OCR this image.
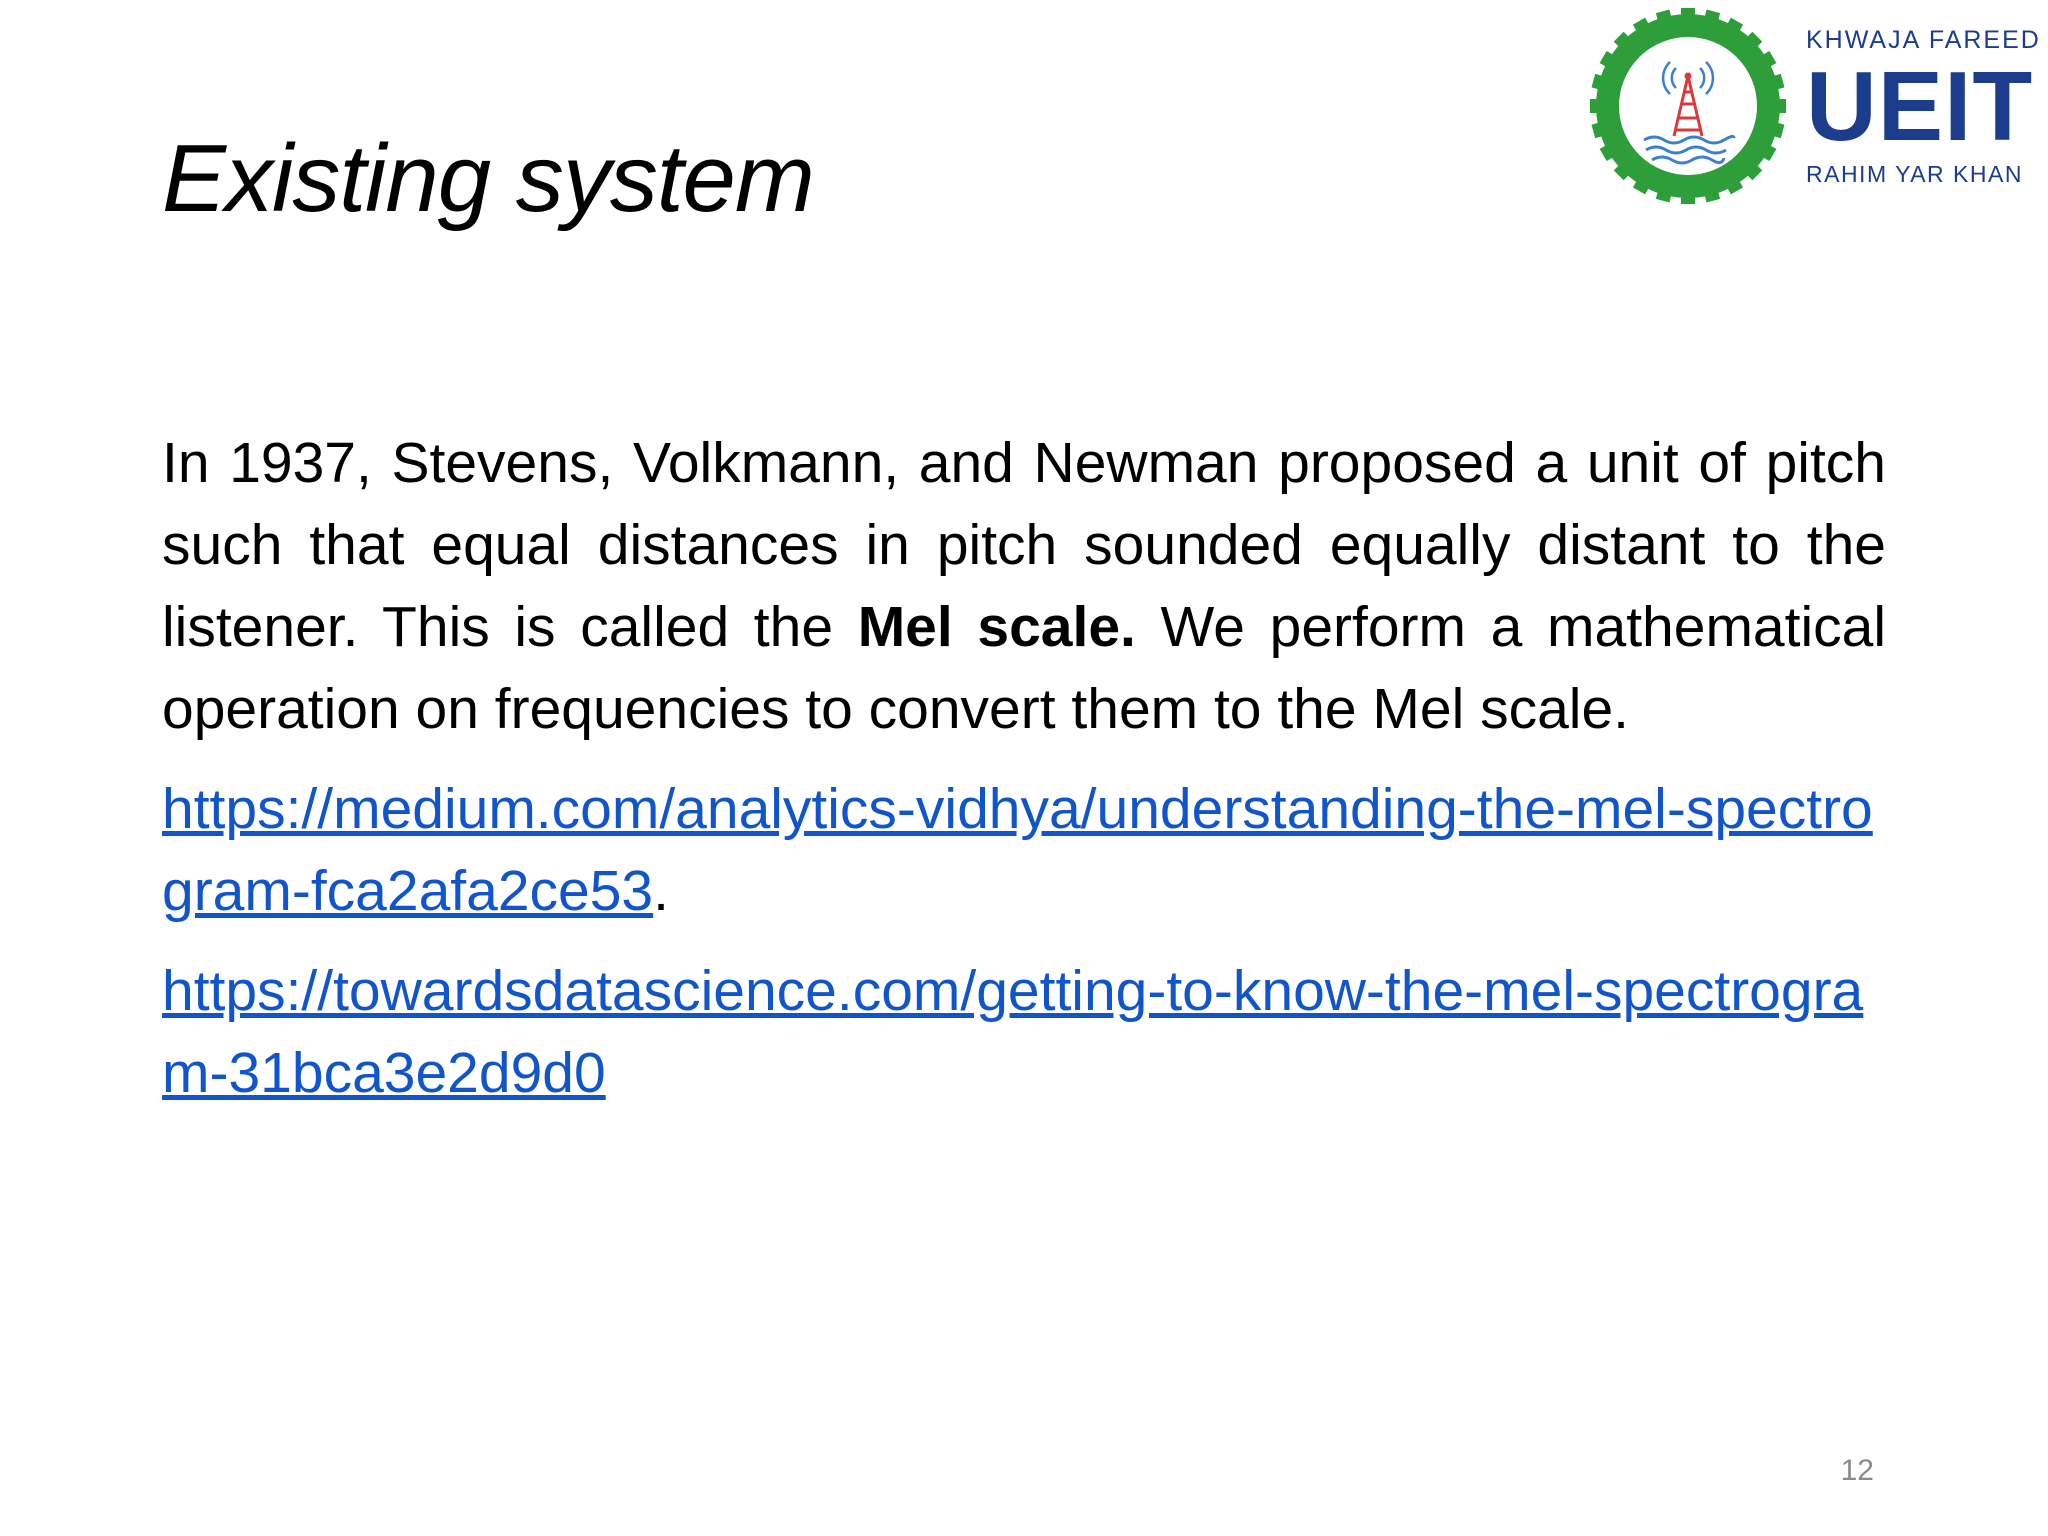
Existing system
KHWAJA FAREED
UEIT
RAHIM YAR KHAN

In 1937, Stevens, Volkmann, and Newman proposed a unit of pitch such that equal distances in pitch sounded equally distant to the listener. This is called the Mel scale. We perform a mathematical operation on frequencies to convert them to the Mel scale.

https://medium.com/analytics-vidhya/understanding-the-mel-spectrogram-fca2afa2ce53.

https://towardsdatascience.com/getting-to-know-the-mel-spectrogram-31bca3e2d9d0

12
